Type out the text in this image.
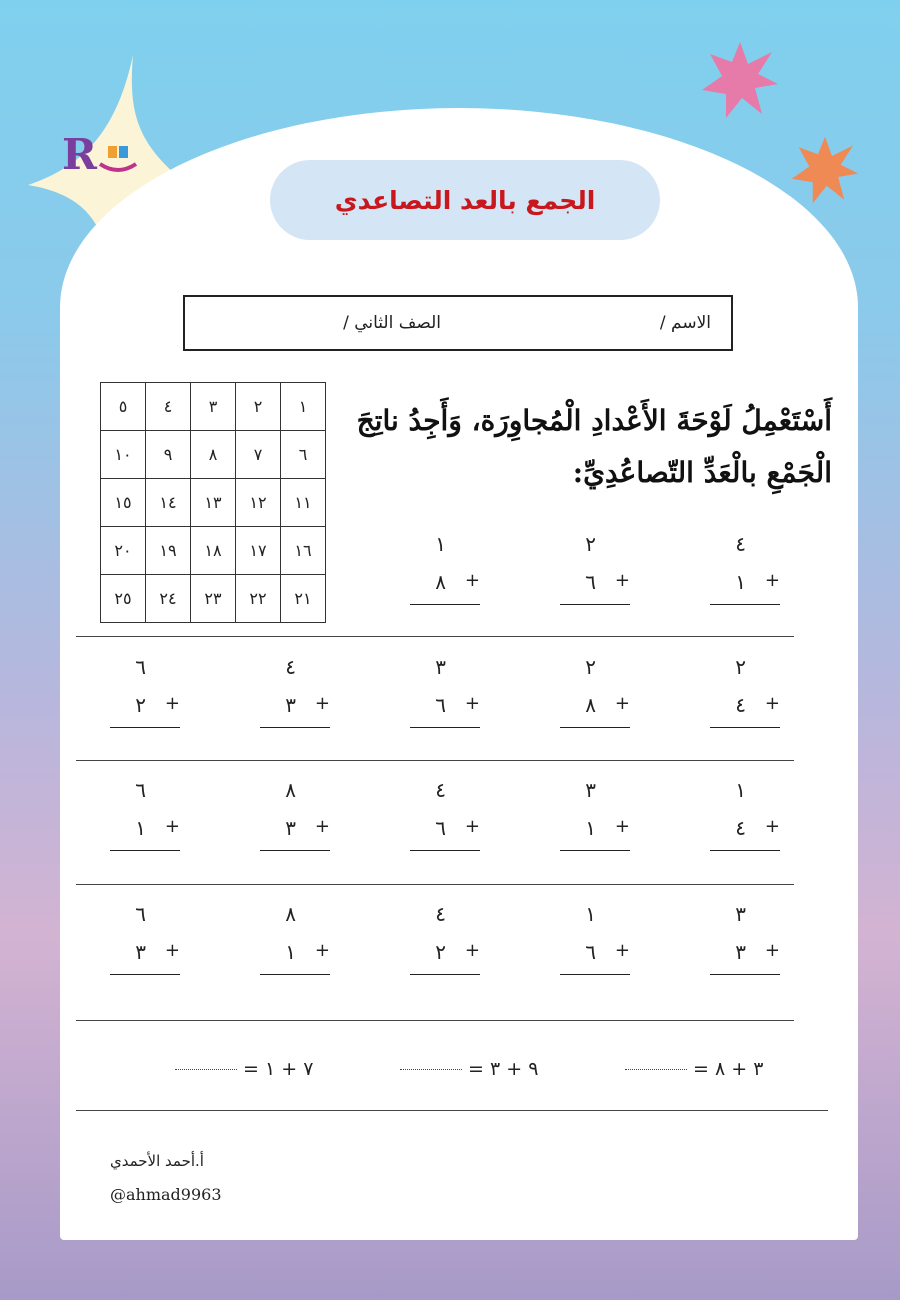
R
الجمع بالعد التصاعدي
الاسم /
الصف الثاني /
١	٢	٣	٤	٥
٦	٧	٨	٩	١٠
١١	١٢	١٣	١٤	١٥
١٦	١٧	١٨	١٩	٢٠
٢١	٢٢	٢٣	٢٤	٢٥
أَسْتَعْمِلُ لَوْحَةَ الأَعْدادِ الْمُجاوِرَة، وَأَجِدُ ناتِجَ
الْجَمْعِ بالْعَدِّ التّصاعُدِيِّ:
٤
١ +
٢
٦ +
١
٨ +
٢
٤ +
٢
٨ +
٣
٦ +
٤
٣ +
٦
٢ +
١
٤ +
٣
١ +
٤
٦ +
٨
٣ +
٦
١ +
٣
٣ +
١
٦ +
٤
٢ +
٨
١ +
٦
٣ +
٣ + ٨ =
٩ + ٣ =
٧ + ١ =
أ.أحمد الأحمدي
@ahmad9963
